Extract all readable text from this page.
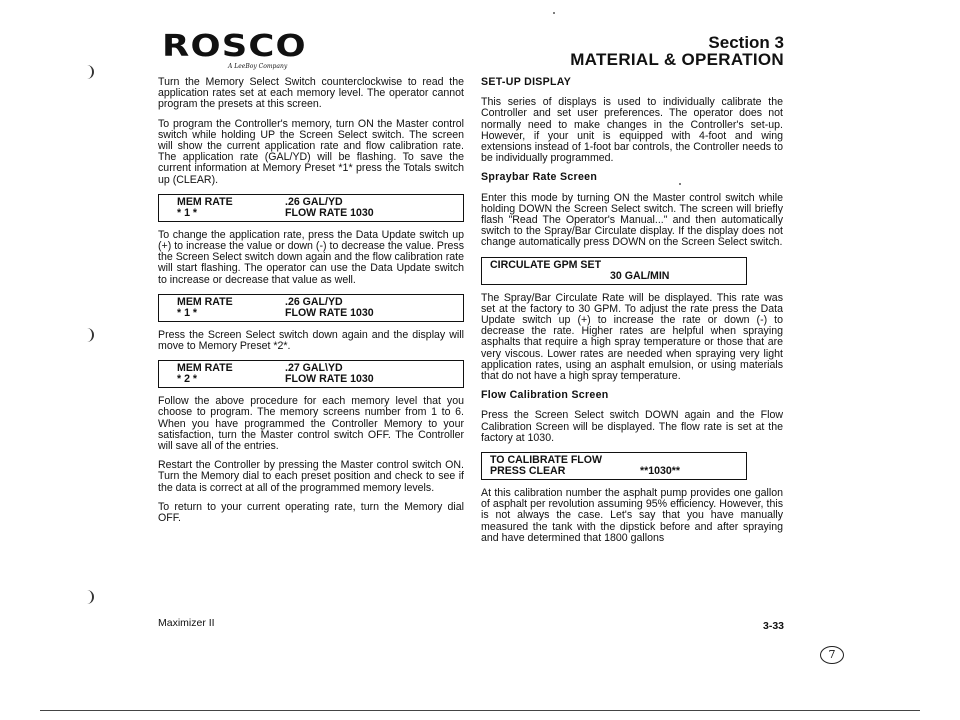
ROSCO
A LeeBoy Company
Section 3
MATERIAL & OPERATION

Turn the Memory Select Switch counterclockwise to read the application rates set at each memory level. The operator cannot program the presets at this screen.

To program the Controller's memory, turn ON the Master control switch while holding UP the Screen Select switch. The screen will show the current application rate and flow calibration rate. The application rate (GAL/YD) will be flashing. To save the current information at Memory Preset *1* press the Totals switch up (CLEAR).

MEM RATE	.26 GAL/YD
* 1 *	FLOW RATE 1030

To change the application rate, press the Data Update switch up (+) to increase the value or down (-) to decrease the value. Press the Screen Select switch down again and the flow calibration rate will start flashing. The operator can use the Data Update switch to increase or decrease that value as well.

MEM RATE	.26 GAL/YD
* 1 *	FLOW RATE 1030

Press the Screen Select switch down again and the display will move to Memory Preset *2*.

MEM RATE	.27 GAL\YD
* 2 *	FLOW RATE 1030

Follow the above procedure for each memory level that you choose to program. The memory screens number from 1 to 6. When you have programmed the Controller Memory to your satisfaction, turn the Master control switch OFF. The Controller will save all of the entries.

Restart the Controller by pressing the Master control switch ON. Turn the Memory dial to each preset position and check to see if the data is correct at all of the programmed memory levels.

To return to your current operating rate, turn the Memory dial OFF.

SET-UP DISPLAY

This series of displays is used to individually calibrate the Controller and set user preferences. The operator does not normally need to make changes in the Controller's set-up. However, if your unit is equipped with 4-foot and wing extensions instead of 1-foot bar controls, the Controller needs to be individually programmed.

Spraybar Rate Screen

Enter this mode by turning ON the Master control switch while holding DOWN the Screen Select switch. The screen will briefly flash "Read The Operator's Manual..." and then automatically switch to the Spray/Bar Circulate display. If the display does not change automatically press DOWN on the Screen Select switch.

CIRCULATE GPM SET
30 GAL/MIN

The Spray/Bar Circulate Rate will be displayed. This rate was set at the factory to 30 GPM. To adjust the rate press the Data Update switch up (+) to increase the rate or down (-) to decrease the rate. Higher rates are helpful when spraying asphalts that require a high spray temperature or those that are very viscous. Lower rates are needed when spraying very light application rates, using an asphalt emulsion, or using materials that do not have a high spray temperature.

Flow Calibration Screen

Press the Screen Select switch DOWN again and the Flow Calibration Screen will be displayed. The flow rate is set at the factory at 1030.

TO CALIBRATE FLOW
PRESS CLEAR	**1030**

At this calibration number the asphalt pump provides one gallon of asphalt per revolution assuming 95% efficiency. However, this is not always the case. Let's say that you have manually measured the tank with the dipstick before and after spraying and have determined that 1800 gallons

Maximizer II	3-33
7
